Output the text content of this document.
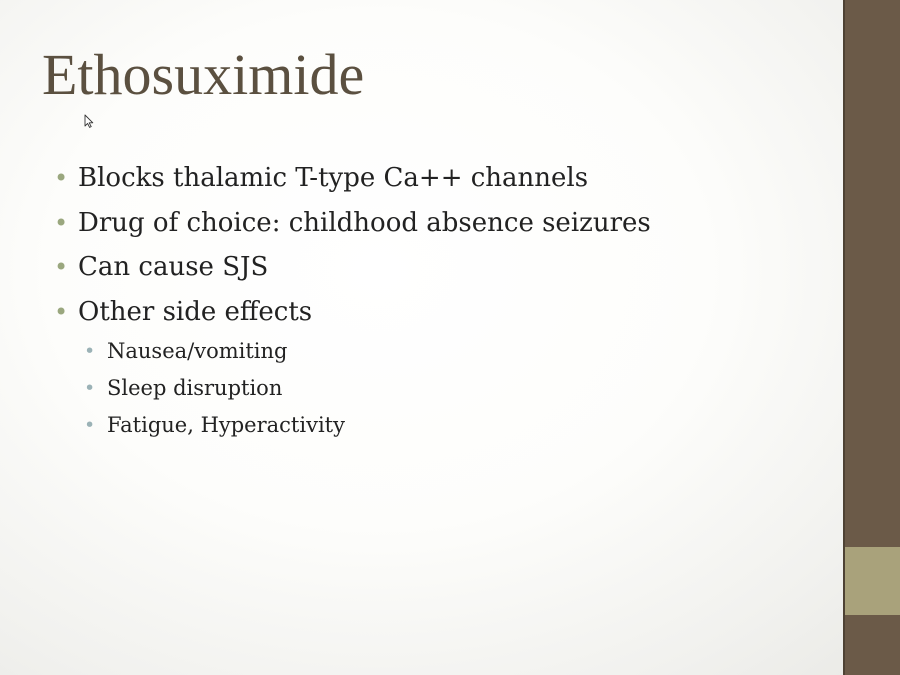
Ethosuximide
• Blocks thalamic T-type Ca++ channels
• Drug of choice: childhood absence seizures
• Can cause SJS
• Other side effects
• Nausea/vomiting
• Sleep disruption
• Fatigue, Hyperactivity
